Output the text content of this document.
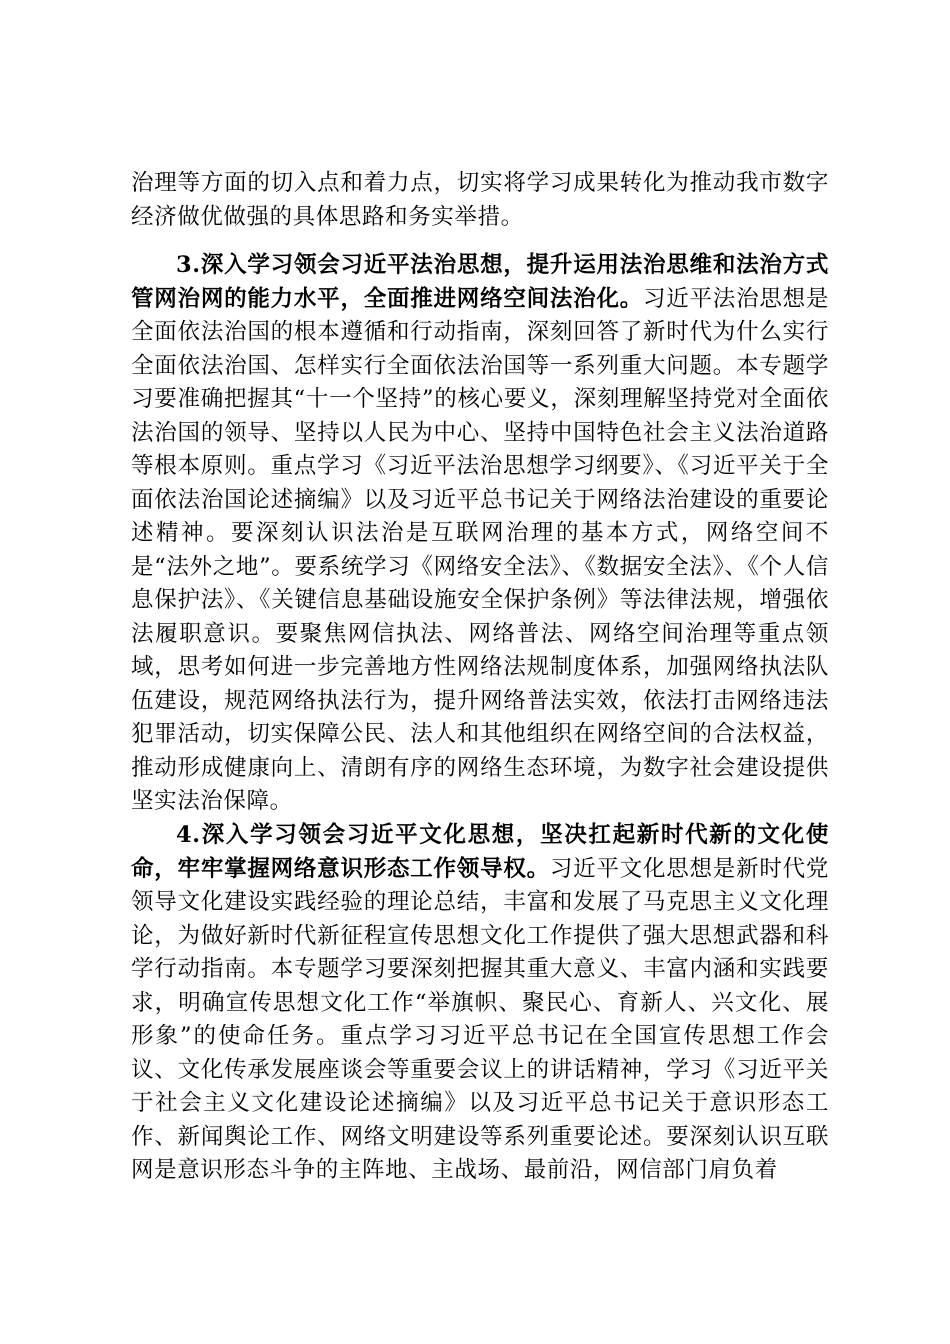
治理等方面的切入点和着力点，切实将学习成果转化为推动我市数字经济做优做强的具体思路和务实举措。

3.深入学习领会习近平法治思想，提升运用法治思维和法治方式管网治网的能力水平，全面推进网络空间法治化。习近平法治思想是全面依法治国的根本遵循和行动指南，深刻回答了新时代为什么实行全面依法治国、怎样实行全面依法治国等一系列重大问题。本专题学习要准确把握其“十一个坚持”的核心要义，深刻理解坚持党对全面依法治国的领导、坚持以人民为中心、坚持中国特色社会主义法治道路等根本原则。重点学习《习近平法治思想学习纲要》、《习近平关于全面依法治国论述摘编》以及习近平总书记关于网络法治建设的重要论述精神。要深刻认识法治是互联网治理的基本方式，网络空间不是“法外之地”。要系统学习《网络安全法》、《数据安全法》、《个人信息保护法》、《关键信息基础设施安全保护条例》等法律法规，增强依法履职意识。要聚焦网信执法、网络普法、网络空间治理等重点领域，思考如何进一步完善地方性网络法规制度体系，加强网络执法队伍建设，规范网络执法行为，提升网络普法实效，依法打击网络违法犯罪活动，切实保障公民、法人和其他组织在网络空间的合法权益，推动形成健康向上、清朗有序的网络生态环境，为数字社会建设提供坚实法治保障。

4.深入学习领会习近平文化思想，坚决扛起新时代新的文化使命，牢牢掌握网络意识形态工作领导权。习近平文化思想是新时代党领导文化建设实践经验的理论总结，丰富和发展了马克思主义文化理论，为做好新时代新征程宣传思想文化工作提供了强大思想武器和科学行动指南。本专题学习要深刻把握其重大意义、丰富内涵和实践要求，明确宣传思想文化工作“举旗帜、聚民心、育新人、兴文化、展形象”的使命任务。重点学习习近平总书记在全国宣传思想工作会议、文化传承发展座谈会等重要会议上的讲话精神，学习《习近平关于社会主义文化建设论述摘编》以及习近平总书记关于意识形态工作、新闻舆论工作、网络文明建设等系列重要论述。要深刻认识互联网是意识形态斗争的主阵地、主战场、最前沿，网信部门肩负着
